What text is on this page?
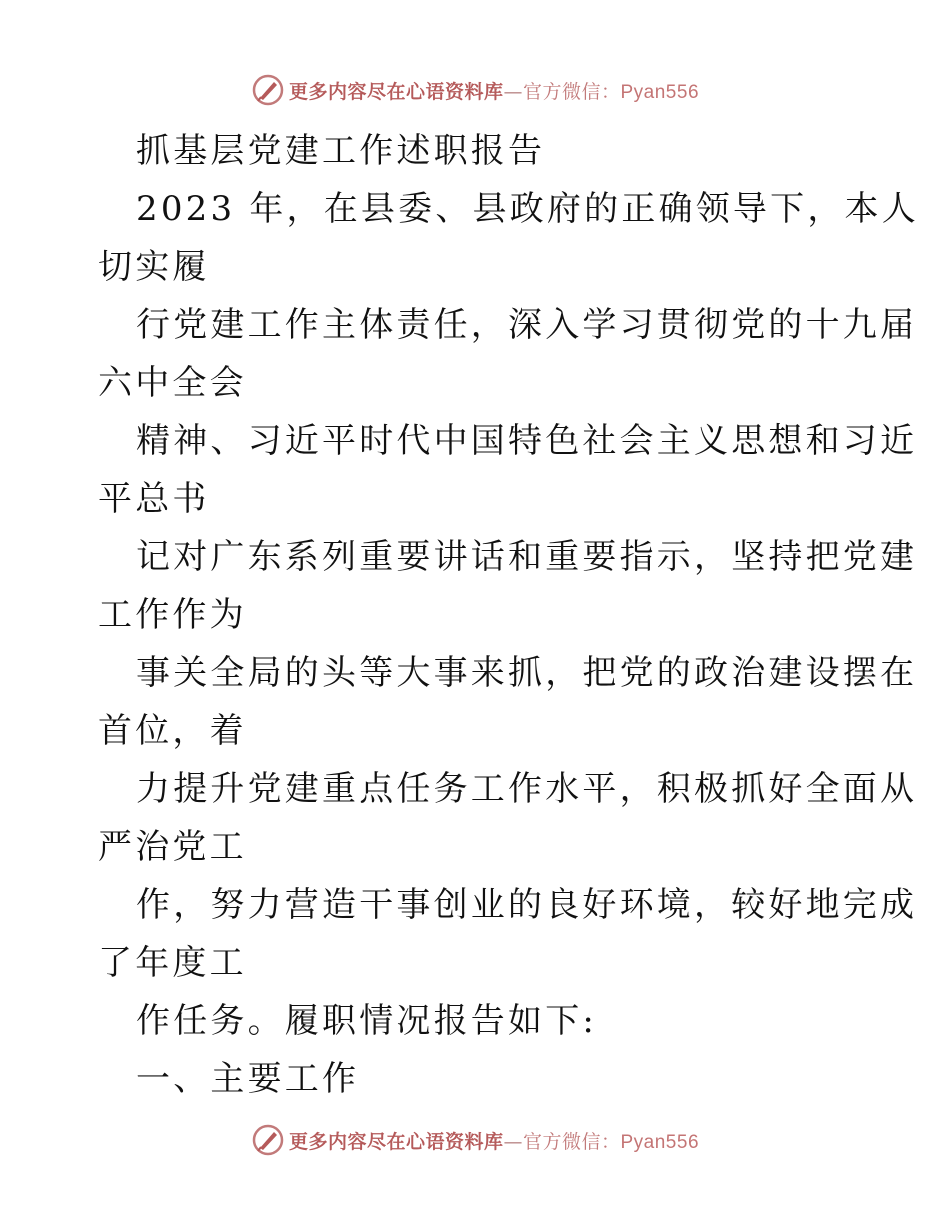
更多内容尽在心语资料库—官方微信：Pyan556
抓基层党建工作述职报告
2023 年，在县委、县政府的正确领导下，本人
切实履
行党建工作主体责任，深入学习贯彻党的十九届
六中全会
精神、习近平时代中国特色社会主义思想和习近
平总书
记对广东系列重要讲话和重要指示，坚持把党建
工作作为
事关全局的头等大事来抓，把党的政治建设摆在
首位，着
力提升党建重点任务工作水平，积极抓好全面从
严治党工
作，努力营造干事创业的良好环境，较好地完成
了年度工
作任务。履职情况报告如下:
一、主要工作
更多内容尽在心语资料库—官方微信：Pyan556
